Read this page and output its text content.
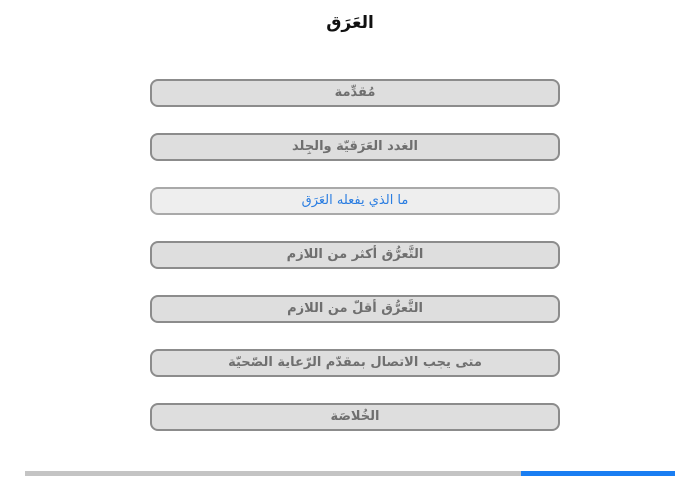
العَرَق
مُقدِّمة
الغدد العَرَقيّة والجِلد
ما الذي يفعله العَرَق
التَّعرُّق أكثر من اللازم
التَّعرُّق أقلّ من اللازم
متى يجب الاتصال بمقدّم الرّعاية الصّحيّة
الخُلاصَة
